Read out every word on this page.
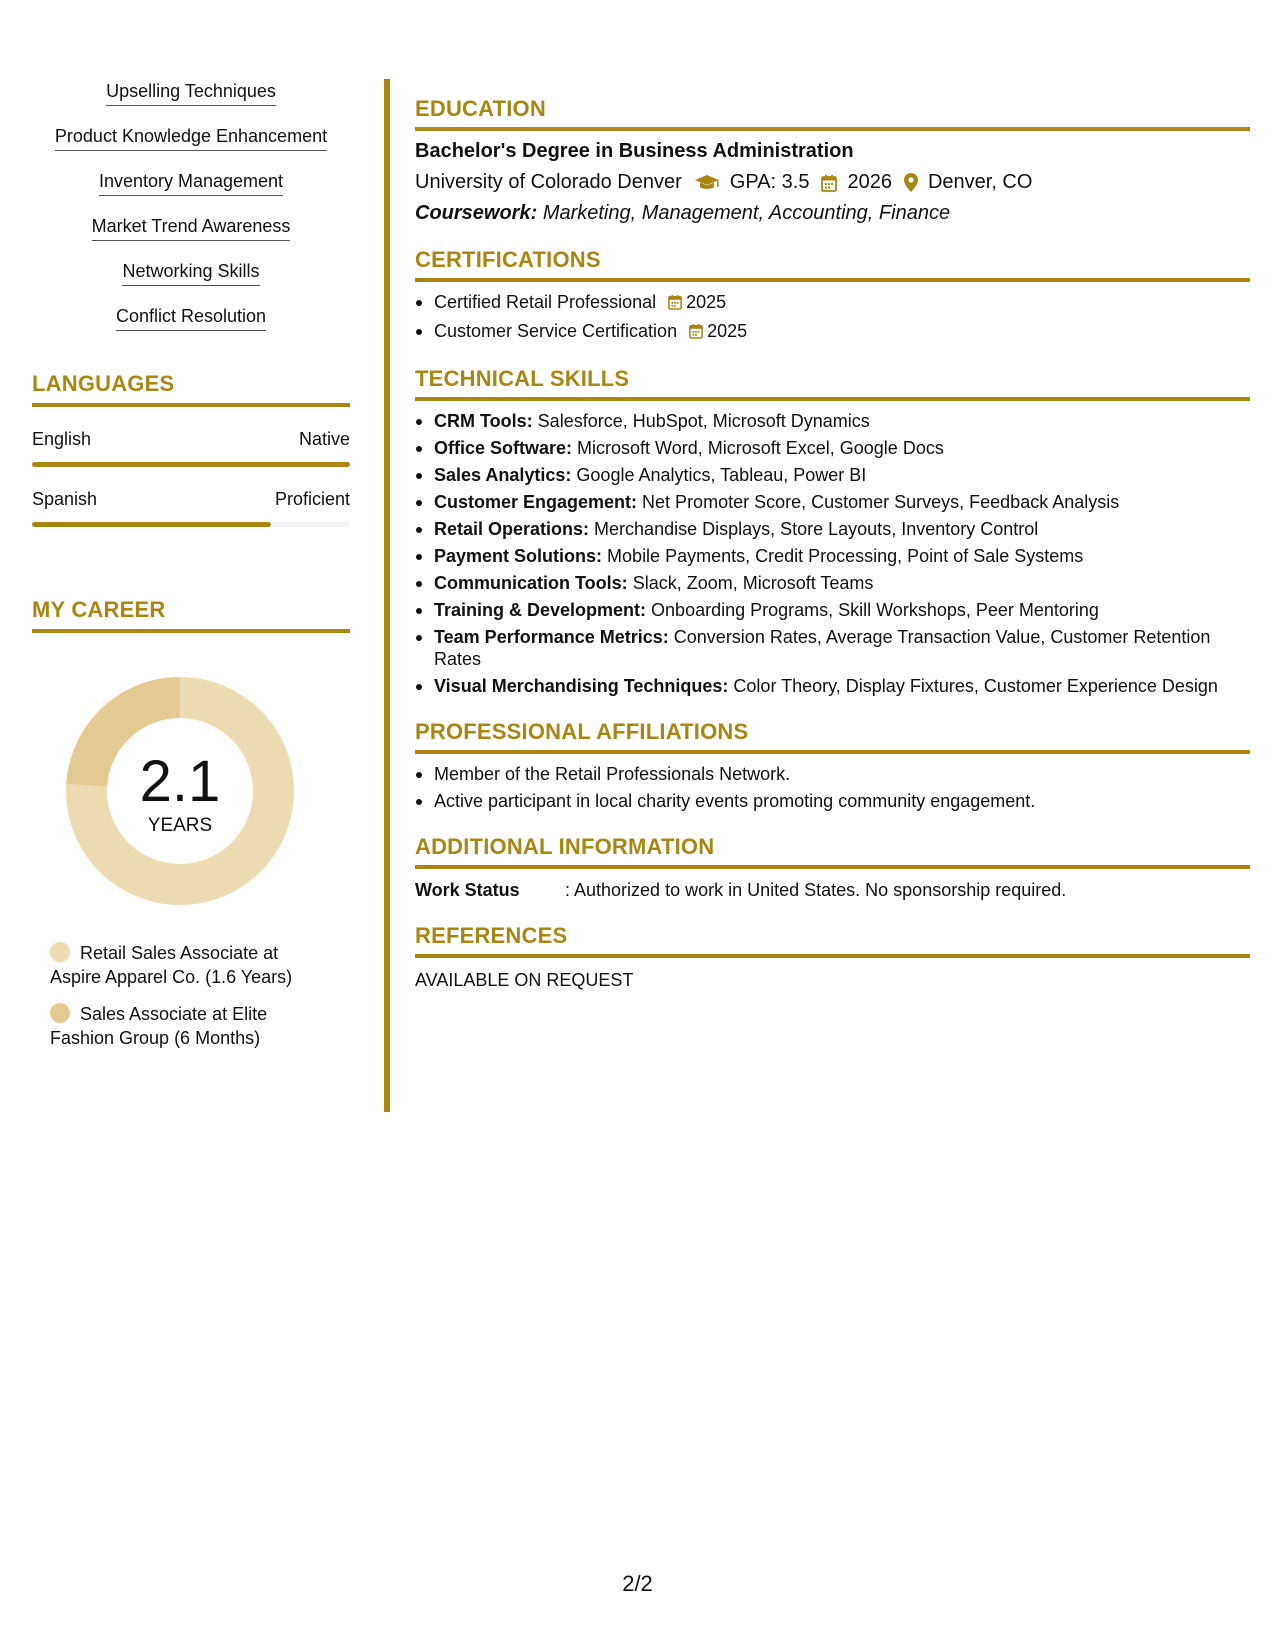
Upselling Techniques
Product Knowledge Enhancement
Inventory Management
Market Trend Awareness
Networking Skills
Conflict Resolution
LANGUAGES
English	Native
Spanish	Proficient
MY CAREER
2.1
YEARS
Retail Sales Associate at Aspire Apparel Co. (1.6 Years)
Sales Associate at Elite Fashion Group (6 Months)
EDUCATION
Bachelor's Degree in Business Administration
University of Colorado Denver GPA: 3.5 2026 Denver, CO
Coursework: Marketing, Management, Accounting, Finance
CERTIFICATIONS
Certified Retail Professional 2025
Customer Service Certification 2025
TECHNICAL SKILLS
CRM Tools: Salesforce, HubSpot, Microsoft Dynamics
Office Software: Microsoft Word, Microsoft Excel, Google Docs
Sales Analytics: Google Analytics, Tableau, Power BI
Customer Engagement: Net Promoter Score, Customer Surveys, Feedback Analysis
Retail Operations: Merchandise Displays, Store Layouts, Inventory Control
Payment Solutions: Mobile Payments, Credit Processing, Point of Sale Systems
Communication Tools: Slack, Zoom, Microsoft Teams
Training & Development: Onboarding Programs, Skill Workshops, Peer Mentoring
Team Performance Metrics: Conversion Rates, Average Transaction Value, Customer Retention Rates
Visual Merchandising Techniques: Color Theory, Display Fixtures, Customer Experience Design
PROFESSIONAL AFFILIATIONS
Member of the Retail Professionals Network.
Active participant in local charity events promoting community engagement.
ADDITIONAL INFORMATION
Work Status	: Authorized to work in United States. No sponsorship required.
REFERENCES
AVAILABLE ON REQUEST
2/2
